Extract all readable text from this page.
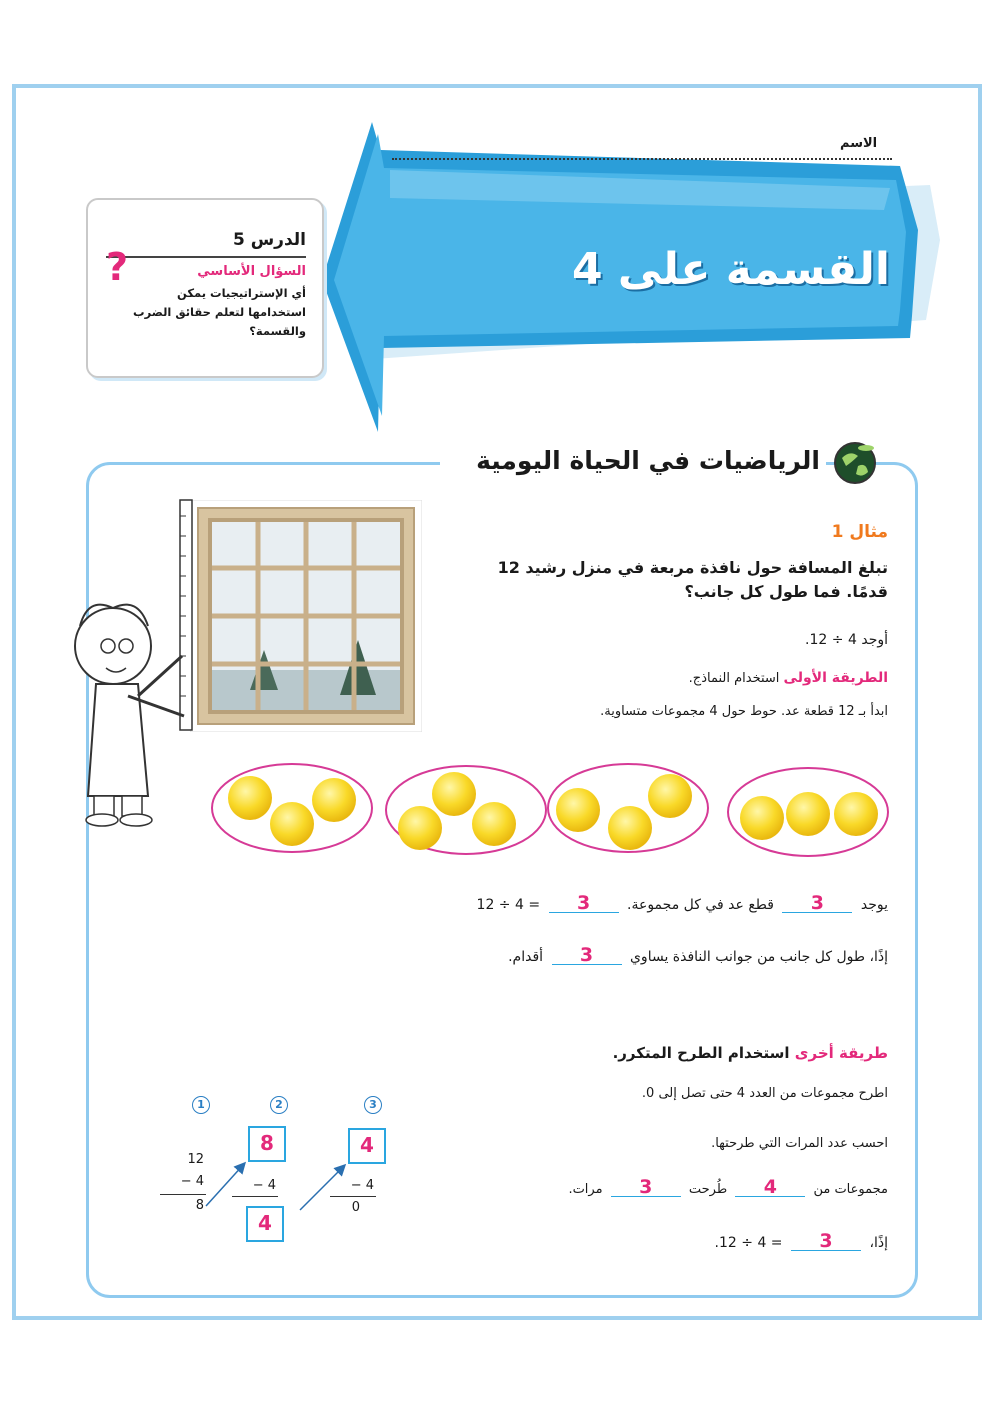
الاسم
القسمة على 4
الدرس 5
?	السؤال الأساسي
أي الإستراتيجيات يمكن استخدامها لتعلم حقائق الضرب والقسمة؟
الرياضيات في الحياة اليومية
مثال 1
تبلغ المسافة حول نافذة مربعة في منزل رشيد 12 قدمًا. فما طول كل جانب؟
أوجد 4 ÷ 12.
الطريقة الأولى استخدام النماذج.
ابدأ بـ 12 قطعة عد. حوط حول 4 مجموعات متساوية.
يوجد 3 قطع عد في كل مجموعة. 3 = 4 ÷ 12
إذًا، طول كل جانب من جوانب النافذة يساوي 3 أقدام.
طريقة أخرى استخدام الطرح المتكرر.
اطرح مجموعات من العدد 4 حتى تصل إلى 0.
احسب عدد المرات التي طرحتها.
مجموعات من 4 طُرحت 3 مرات.
إذًا، 3 = 4 ÷ 12.
1	2	3
12
− 4
8
8
− 4
4
4
− 4
0
